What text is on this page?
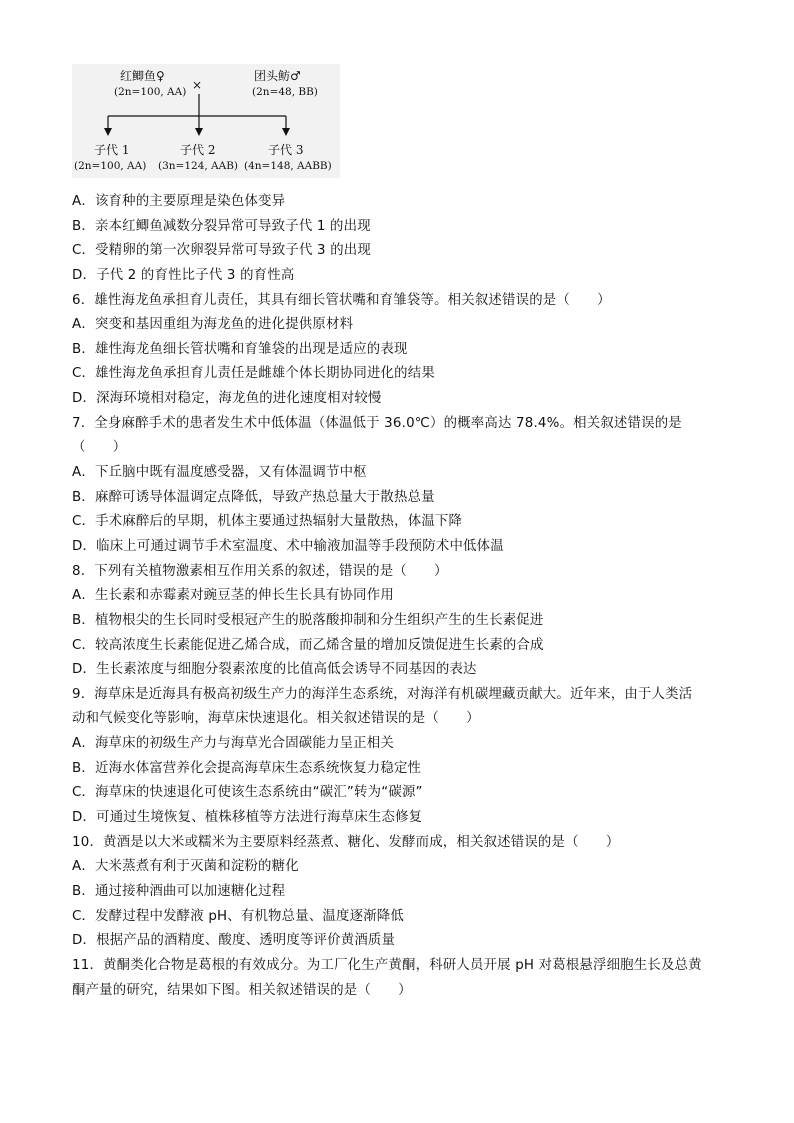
红鲫鱼♀
(2n=100, AA) ×
团头鲂♂
(2n=48, BB)
子代 1
(2n=100, AA)
子代 2
(3n=124, AAB)
子代 3
(4n=148, AABB)
A．该育种的主要原理是染色体变异
B．亲本红鲫鱼减数分裂异常可导致子代 1 的出现
C．受精卵的第一次卵裂异常可导致子代 3 的出现
D．子代 2 的育性比子代 3 的育性高
6．雄性海龙鱼承担育儿责任，其具有细长管状嘴和育雏袋等。相关叙述错误的是（　　）
A．突变和基因重组为海龙鱼的进化提供原材料
B．雄性海龙鱼细长管状嘴和育雏袋的出现是适应的表现
C．雄性海龙鱼承担育儿责任是雌雄个体长期协同进化的结果
D．深海环境相对稳定，海龙鱼的进化速度相对较慢
7．全身麻醉手术的患者发生术中低体温（体温低于 36.0℃）的概率高达 78.4%。相关叙述错误的是
（　　）
A．下丘脑中既有温度感受器，又有体温调节中枢
B．麻醉可诱导体温调定点降低，导致产热总量大于散热总量
C．手术麻醉后的早期，机体主要通过热辐射大量散热，体温下降
D．临床上可通过调节手术室温度、术中输液加温等手段预防术中低体温
8．下列有关植物激素相互作用关系的叙述，错误的是（　　）
A．生长素和赤霉素对豌豆茎的伸长生长具有协同作用
B．植物根尖的生长同时受根冠产生的脱落酸抑制和分生组织产生的生长素促进
C．较高浓度生长素能促进乙烯合成，而乙烯含量的增加反馈促进生长素的合成
D．生长素浓度与细胞分裂素浓度的比值高低会诱导不同基因的表达
9．海草床是近海具有极高初级生产力的海洋生态系统，对海洋有机碳埋藏贡献大。近年来，由于人类活
动和气候变化等影响，海草床快速退化。相关叙述错误的是（　　）
A．海草床的初级生产力与海草光合固碳能力呈正相关
B．近海水体富营养化会提高海草床生态系统恢复力稳定性
C．海草床的快速退化可使该生态系统由“碳汇”转为“碳源”
D．可通过生境恢复、植株移植等方法进行海草床生态修复
10．黄酒是以大米或糯米为主要原料经蒸煮、糖化、发酵而成，相关叙述错误的是（　　）
A．大米蒸煮有利于灭菌和淀粉的糖化
B．通过接种酒曲可以加速糖化过程
C．发酵过程中发酵液 pH、有机物总量、温度逐渐降低
D．根据产品的酒精度、酸度、透明度等评价黄酒质量
11．黄酮类化合物是葛根的有效成分。为工厂化生产黄酮，科研人员开展 pH 对葛根悬浮细胞生长及总黄
酮产量的研究，结果如下图。相关叙述错误的是（　　）
